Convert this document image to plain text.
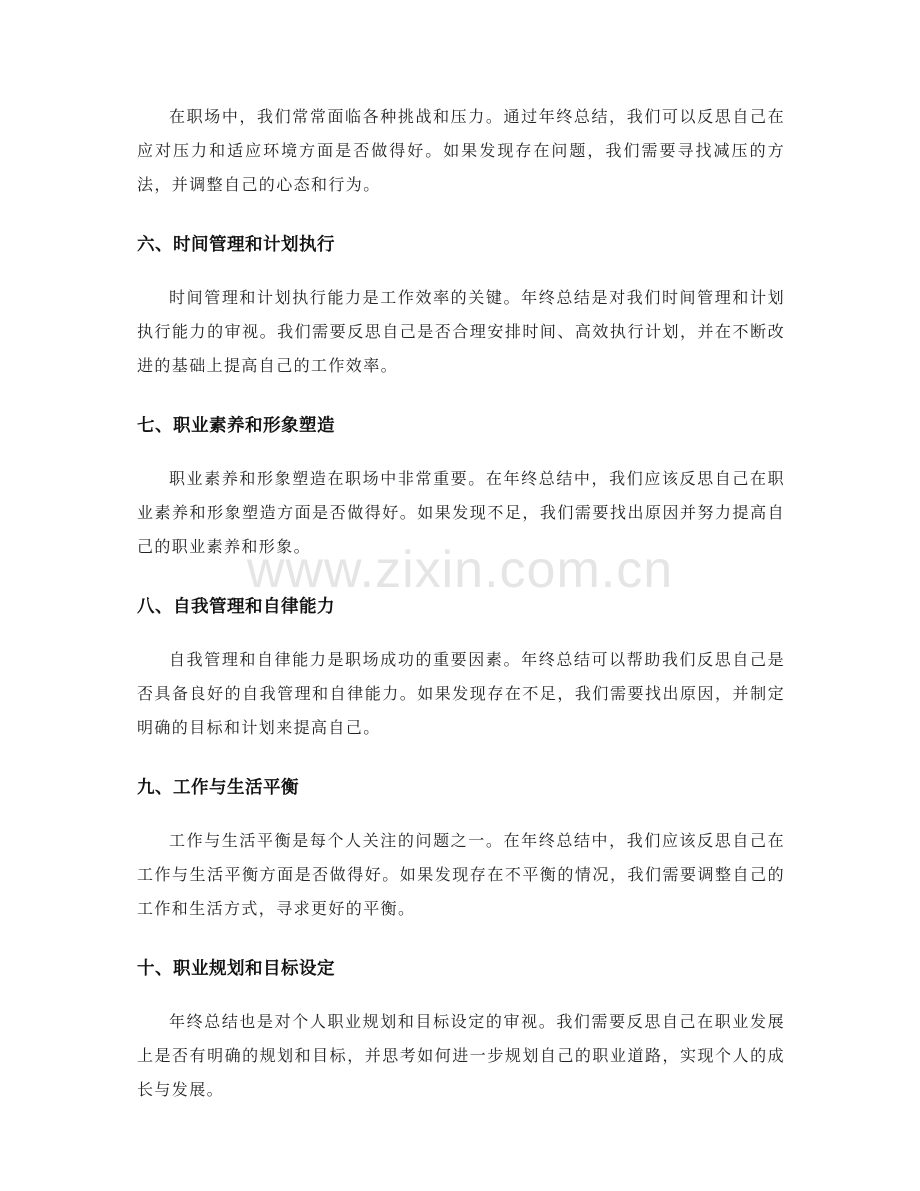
在职场中，我们常常面临各种挑战和压力。通过年终总结，我们可以反思自己在应对压力和适应环境方面是否做得好。如果发现存在问题，我们需要寻找减压的方法，并调整自己的心态和行为。

六、时间管理和计划执行

时间管理和计划执行能力是工作效率的关键。年终总结是对我们时间管理和计划执行能力的审视。我们需要反思自己是否合理安排时间、高效执行计划，并在不断改进的基础上提高自己的工作效率。

七、职业素养和形象塑造

职业素养和形象塑造在职场中非常重要。在年终总结中，我们应该反思自己在职业素养和形象塑造方面是否做得好。如果发现不足，我们需要找出原因并努力提高自己的职业素养和形象。

八、自我管理和自律能力

自我管理和自律能力是职场成功的重要因素。年终总结可以帮助我们反思自己是否具备良好的自我管理和自律能力。如果发现存在不足，我们需要找出原因，并制定明确的目标和计划来提高自己。

九、工作与生活平衡

工作与生活平衡是每个人关注的问题之一。在年终总结中，我们应该反思自己在工作与生活平衡方面是否做得好。如果发现存在不平衡的情况，我们需要调整自己的工作和生活方式，寻求更好的平衡。

十、职业规划和目标设定

年终总结也是对个人职业规划和目标设定的审视。我们需要反思自己在职业发展上是否有明确的规划和目标，并思考如何进一步规划自己的职业道路，实现个人的成长与发展。

www.zixin.com.cn
